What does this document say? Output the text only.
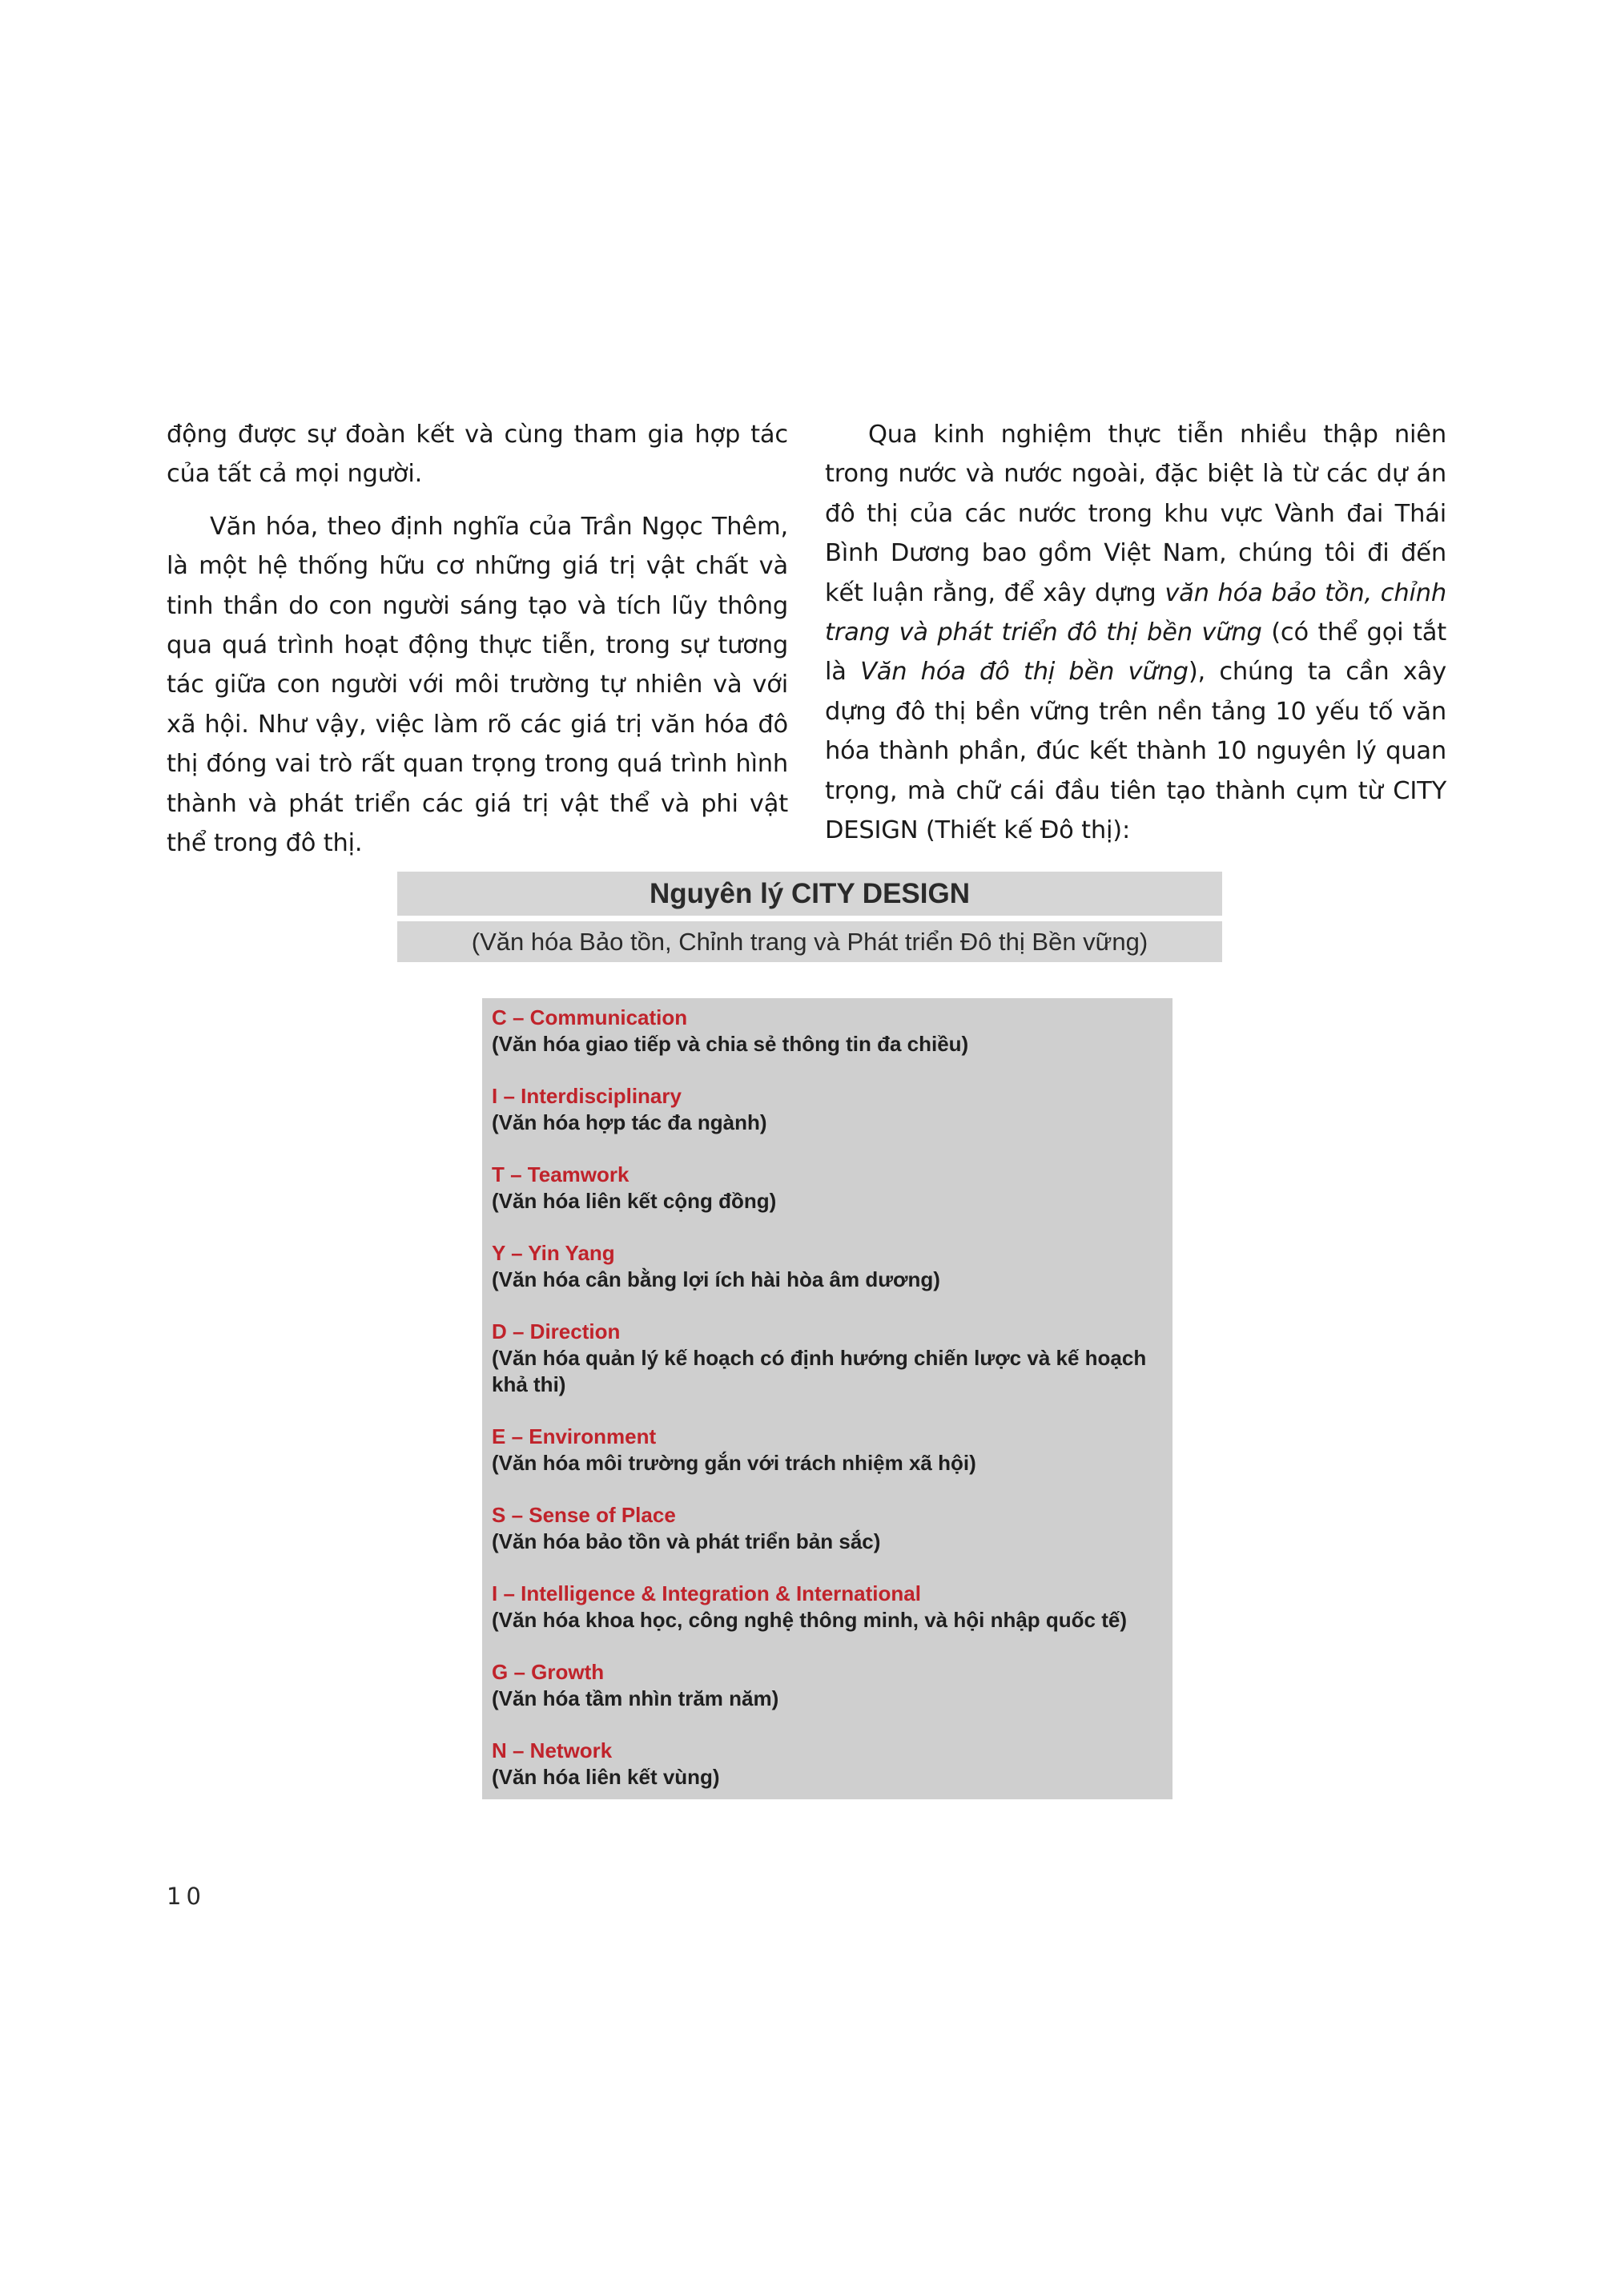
động được sự đoàn kết và cùng tham gia hợp tác của tất cả mọi người.

Văn hóa, theo định nghĩa của Trần Ngọc Thêm, là một hệ thống hữu cơ những giá trị vật chất và tinh thần do con người sáng tạo và tích lũy thông qua quá trình hoạt động thực tiễn, trong sự tương tác giữa con người với môi trường tự nhiên và với xã hội. Như vậy, việc làm rõ các giá trị văn hóa đô thị đóng vai trò rất quan trọng trong quá trình hình thành và phát triển các giá trị vật thể và phi vật thể trong đô thị.

Qua kinh nghiệm thực tiễn nhiều thập niên trong nước và nước ngoài, đặc biệt là từ các dự án đô thị của các nước trong khu vực Vành đai Thái Bình Dương bao gồm Việt Nam, chúng tôi đi đến kết luận rằng, để xây dựng văn hóa bảo tồn, chỉnh trang và phát triển đô thị bền vững (có thể gọi tắt là Văn hóa đô thị bền vững), chúng ta cần xây dựng đô thị bền vững trên nền tảng 10 yếu tố văn hóa thành phần, đúc kết thành 10 nguyên lý quan trọng, mà chữ cái đầu tiên tạo thành cụm từ CITY DESIGN (Thiết kế Đô thị):

Nguyên lý CITY DESIGN
(Văn hóa Bảo tồn, Chỉnh trang và Phát triển Đô thị Bền vững)
C – Communication
(Văn hóa giao tiếp và chia sẻ thông tin đa chiều)
I – Interdisciplinary
(Văn hóa hợp tác đa ngành)
T – Teamwork
(Văn hóa liên kết cộng đồng)
Y – Yin Yang
(Văn hóa cân bằng lợi ích hài hòa âm dương)
D – Direction
(Văn hóa quản lý kế hoạch có định hướng chiến lược và kế hoạch khả thi)
E – Environment
(Văn hóa môi trường gắn với trách nhiệm xã hội)
S – Sense of Place
(Văn hóa bảo tồn và phát triển bản sắc)
I – Intelligence & Integration & International
(Văn hóa khoa học, công nghệ thông minh, và hội nhập quốc tế)
G – Growth
(Văn hóa tầm nhìn trăm năm)
N – Network
(Văn hóa liên kết vùng)
10
